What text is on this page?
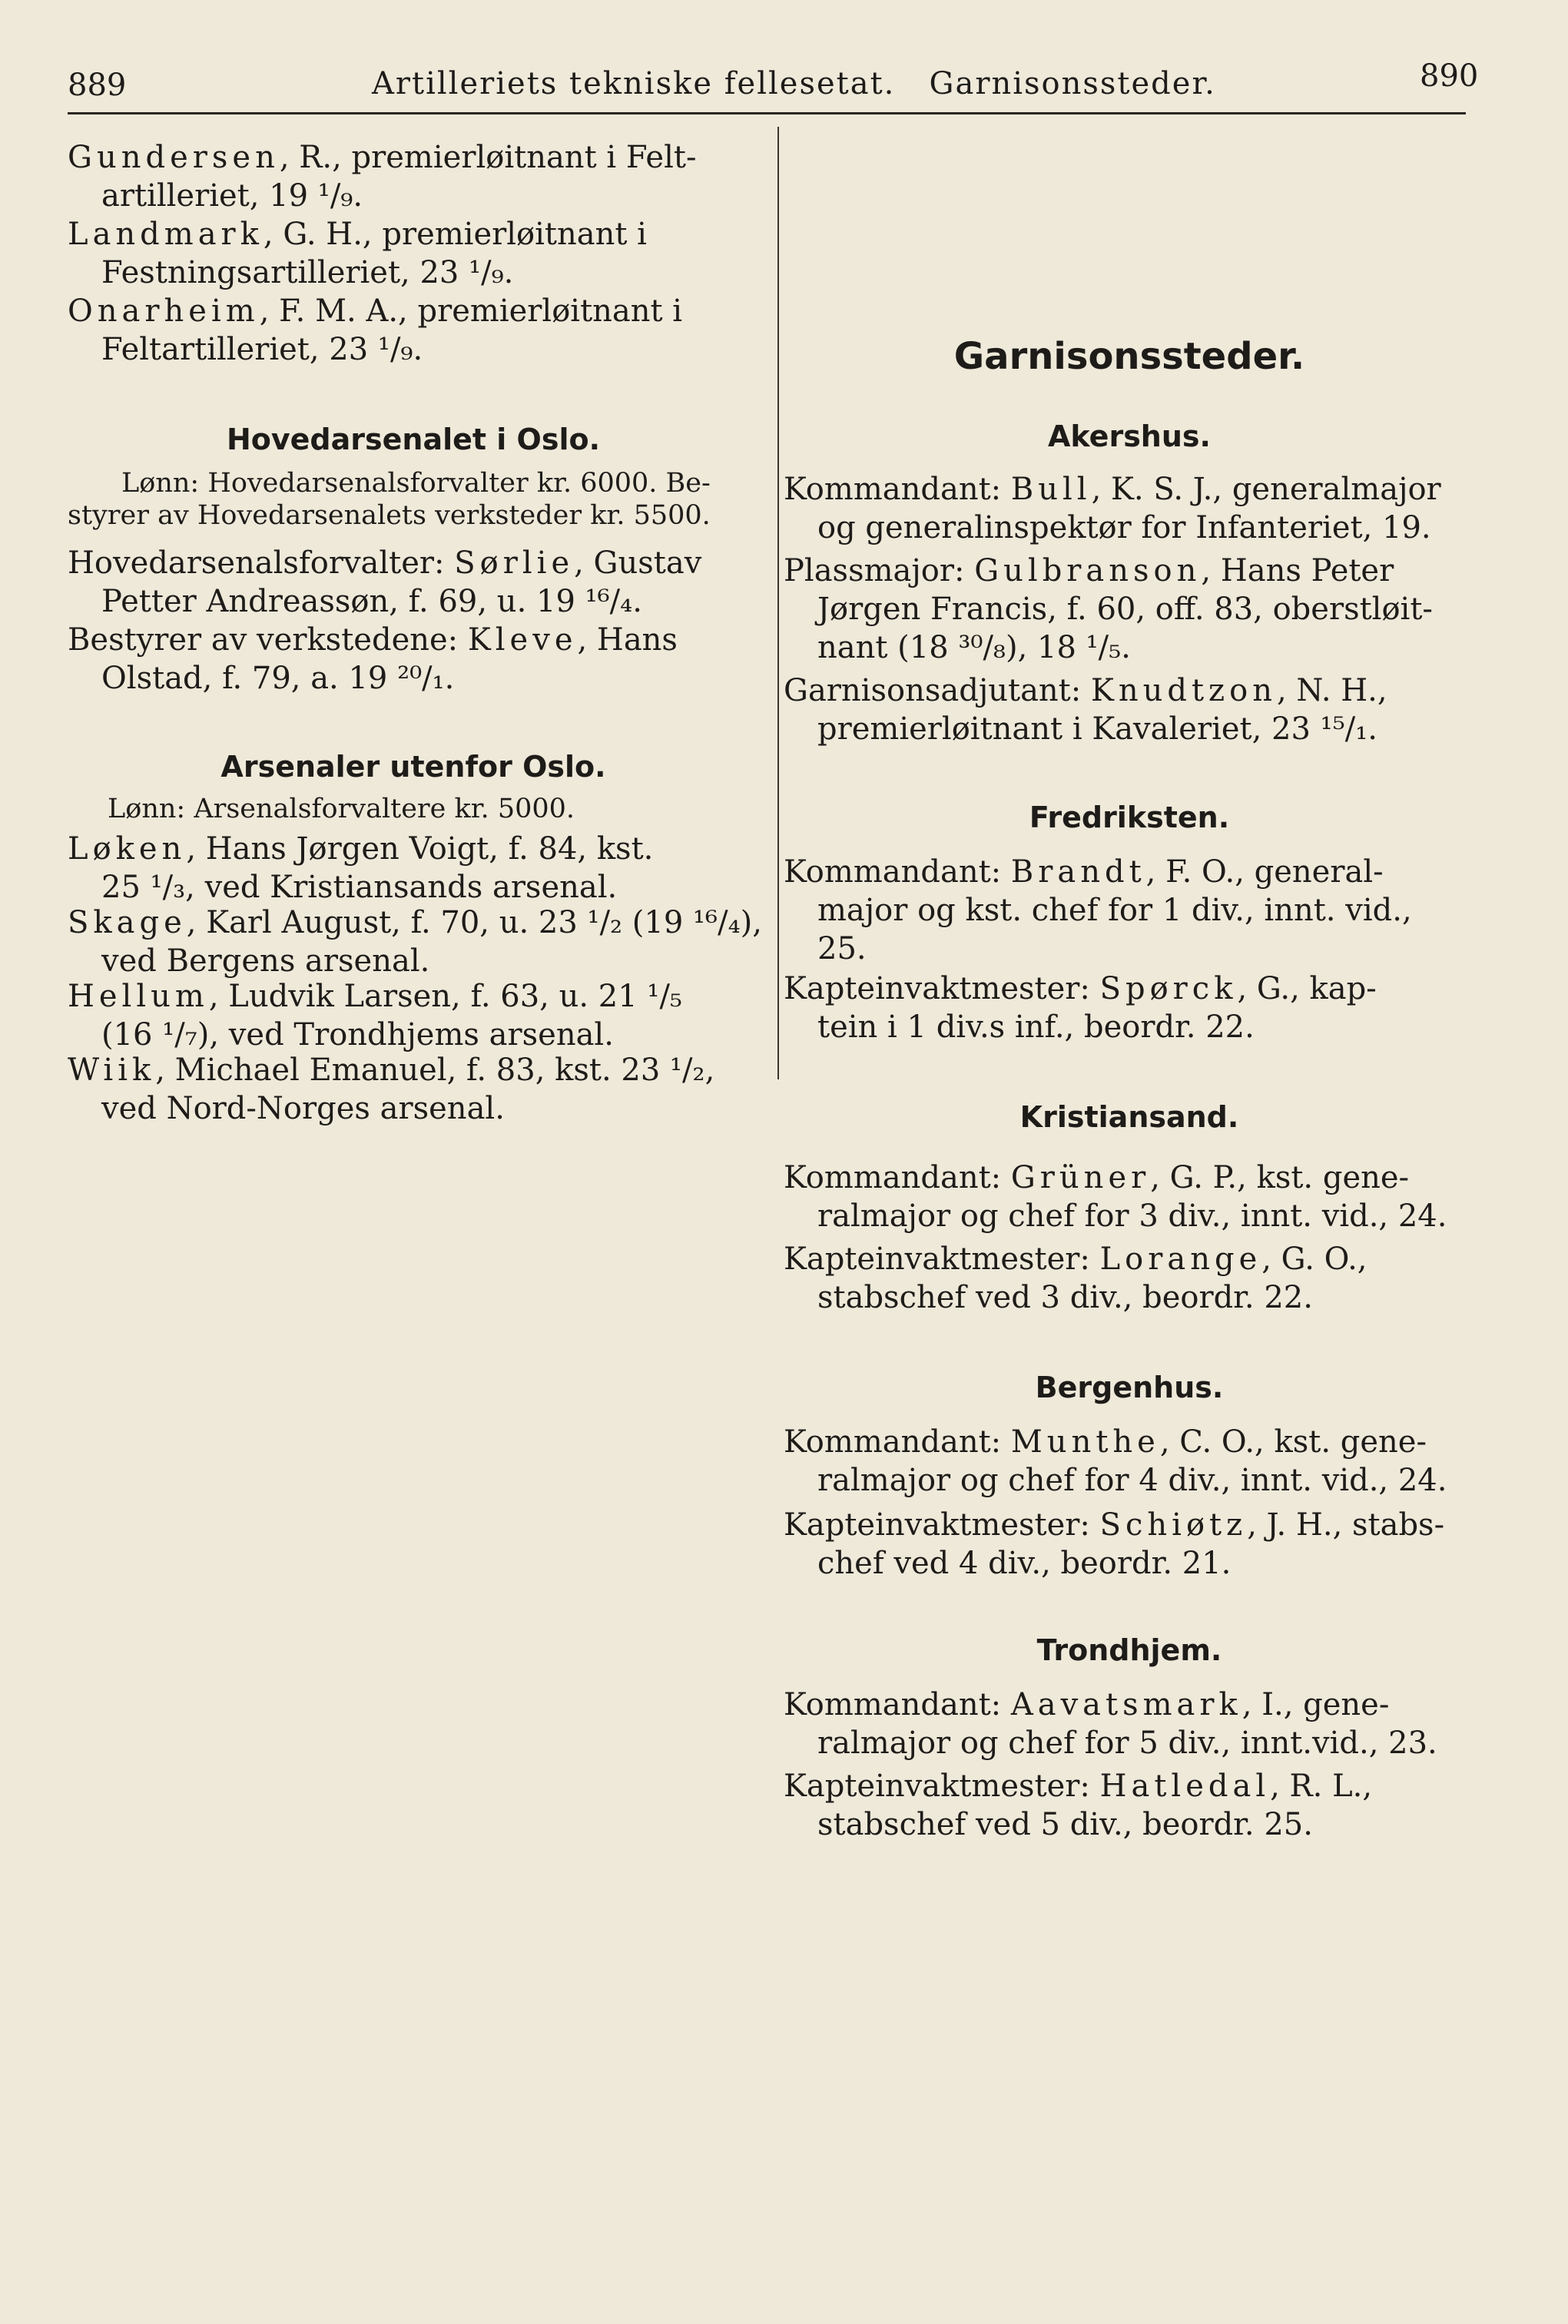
889	Artilleriets tekniske fellesetat.   Garnisonssteder.	890
Gundersen, R., premierløitnant i Felt-
artilleriet, 19 ¹/₉.
Landmark, G. H., premierløitnant i
Festningsartilleriet, 23 ¹/₉.
Onarheim, F. M. A., premierløitnant i
Feltartilleriet, 23 ¹/₉.
Hovedarsenalet i Oslo.
Lønn: Hovedarsenalsforvalter kr. 6000. Be-
styrer av Hovedarsenalets verksteder kr. 5500.
Hovedarsenalsforvalter: Sørlie, Gustav
Petter Andreassøn, f. 69, u. 19 ¹⁶/₄.
Bestyrer av verkstedene: Kleve, Hans
Olstad, f. 79, a. 19 ²⁰/₁.
Arsenaler utenfor Oslo.
Lønn: Arsenalsforvaltere kr. 5000.
Løken, Hans Jørgen Voigt, f. 84, kst.
25 ¹/₃, ved Kristiansands arsenal.
Skage, Karl August, f. 70, u. 23 ¹/₂ (19 ¹⁶/₄),
ved Bergens arsenal.
Hellum, Ludvik Larsen, f. 63, u. 21 ¹/₅
(16 ¹/₇), ved Trondhjems arsenal.
Wiik, Michael Emanuel, f. 83, kst. 23 ¹/₂,
ved Nord-Norges arsenal.
Garnisonssteder.
Akershus.
Kommandant: Bull, K. S. J., generalmajor
og generalinspektør for Infanteriet, 19.
Plassmajor: Gulbranson, Hans Peter
Jørgen Francis, f. 60, off. 83, oberstløit-
nant (18 ³⁰/₈), 18 ¹/₅.
Garnisonsadjutant: Knudtzon, N. H.,
premierløitnant i Kavaleriet, 23 ¹⁵/₁.
Fredriksten.
Kommandant: Brandt, F. O., general-
major og kst. chef for 1 div., innt. vid.,
25.
Kapteinvaktmester: Spørck, G., kap-
tein i 1 div.s inf., beordr. 22.
Kristiansand.
Kommandant: Grüner, G. P., kst. gene-
ralmajor og chef for 3 div., innt. vid., 24.
Kapteinvaktmester: Lorange, G. O.,
stabschef ved 3 div., beordr. 22.
Bergenhus.
Kommandant: Munthe, C. O., kst. gene-
ralmajor og chef for 4 div., innt. vid., 24.
Kapteinvaktmester: Schiøtz, J. H., stabs-
chef ved 4 div., beordr. 21.
Trondhjem.
Kommandant: Aavatsmark, I., gene-
ralmajor og chef for 5 div., innt.vid., 23.
Kapteinvaktmester: Hatledal, R. L.,
stabschef ved 5 div., beordr. 25.
